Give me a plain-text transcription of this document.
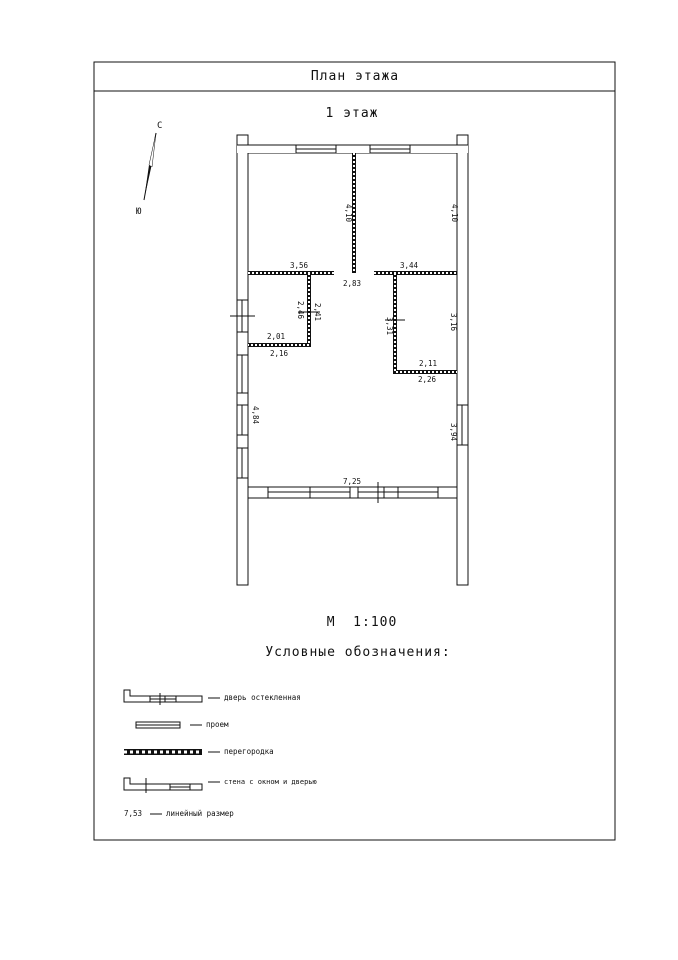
План этажа
1 этаж
С
Ю	4,10	4,10
3,56	3,44
2,83
2,46 2,41
2,01
2,16
3,31	3,16
2,11
2,26
4,84
3,94
7,25
М  1:100
Условные обозначения:
дверь остекленная
проем
перегородка
стена с окном и дверью
7,53	линейный размер
